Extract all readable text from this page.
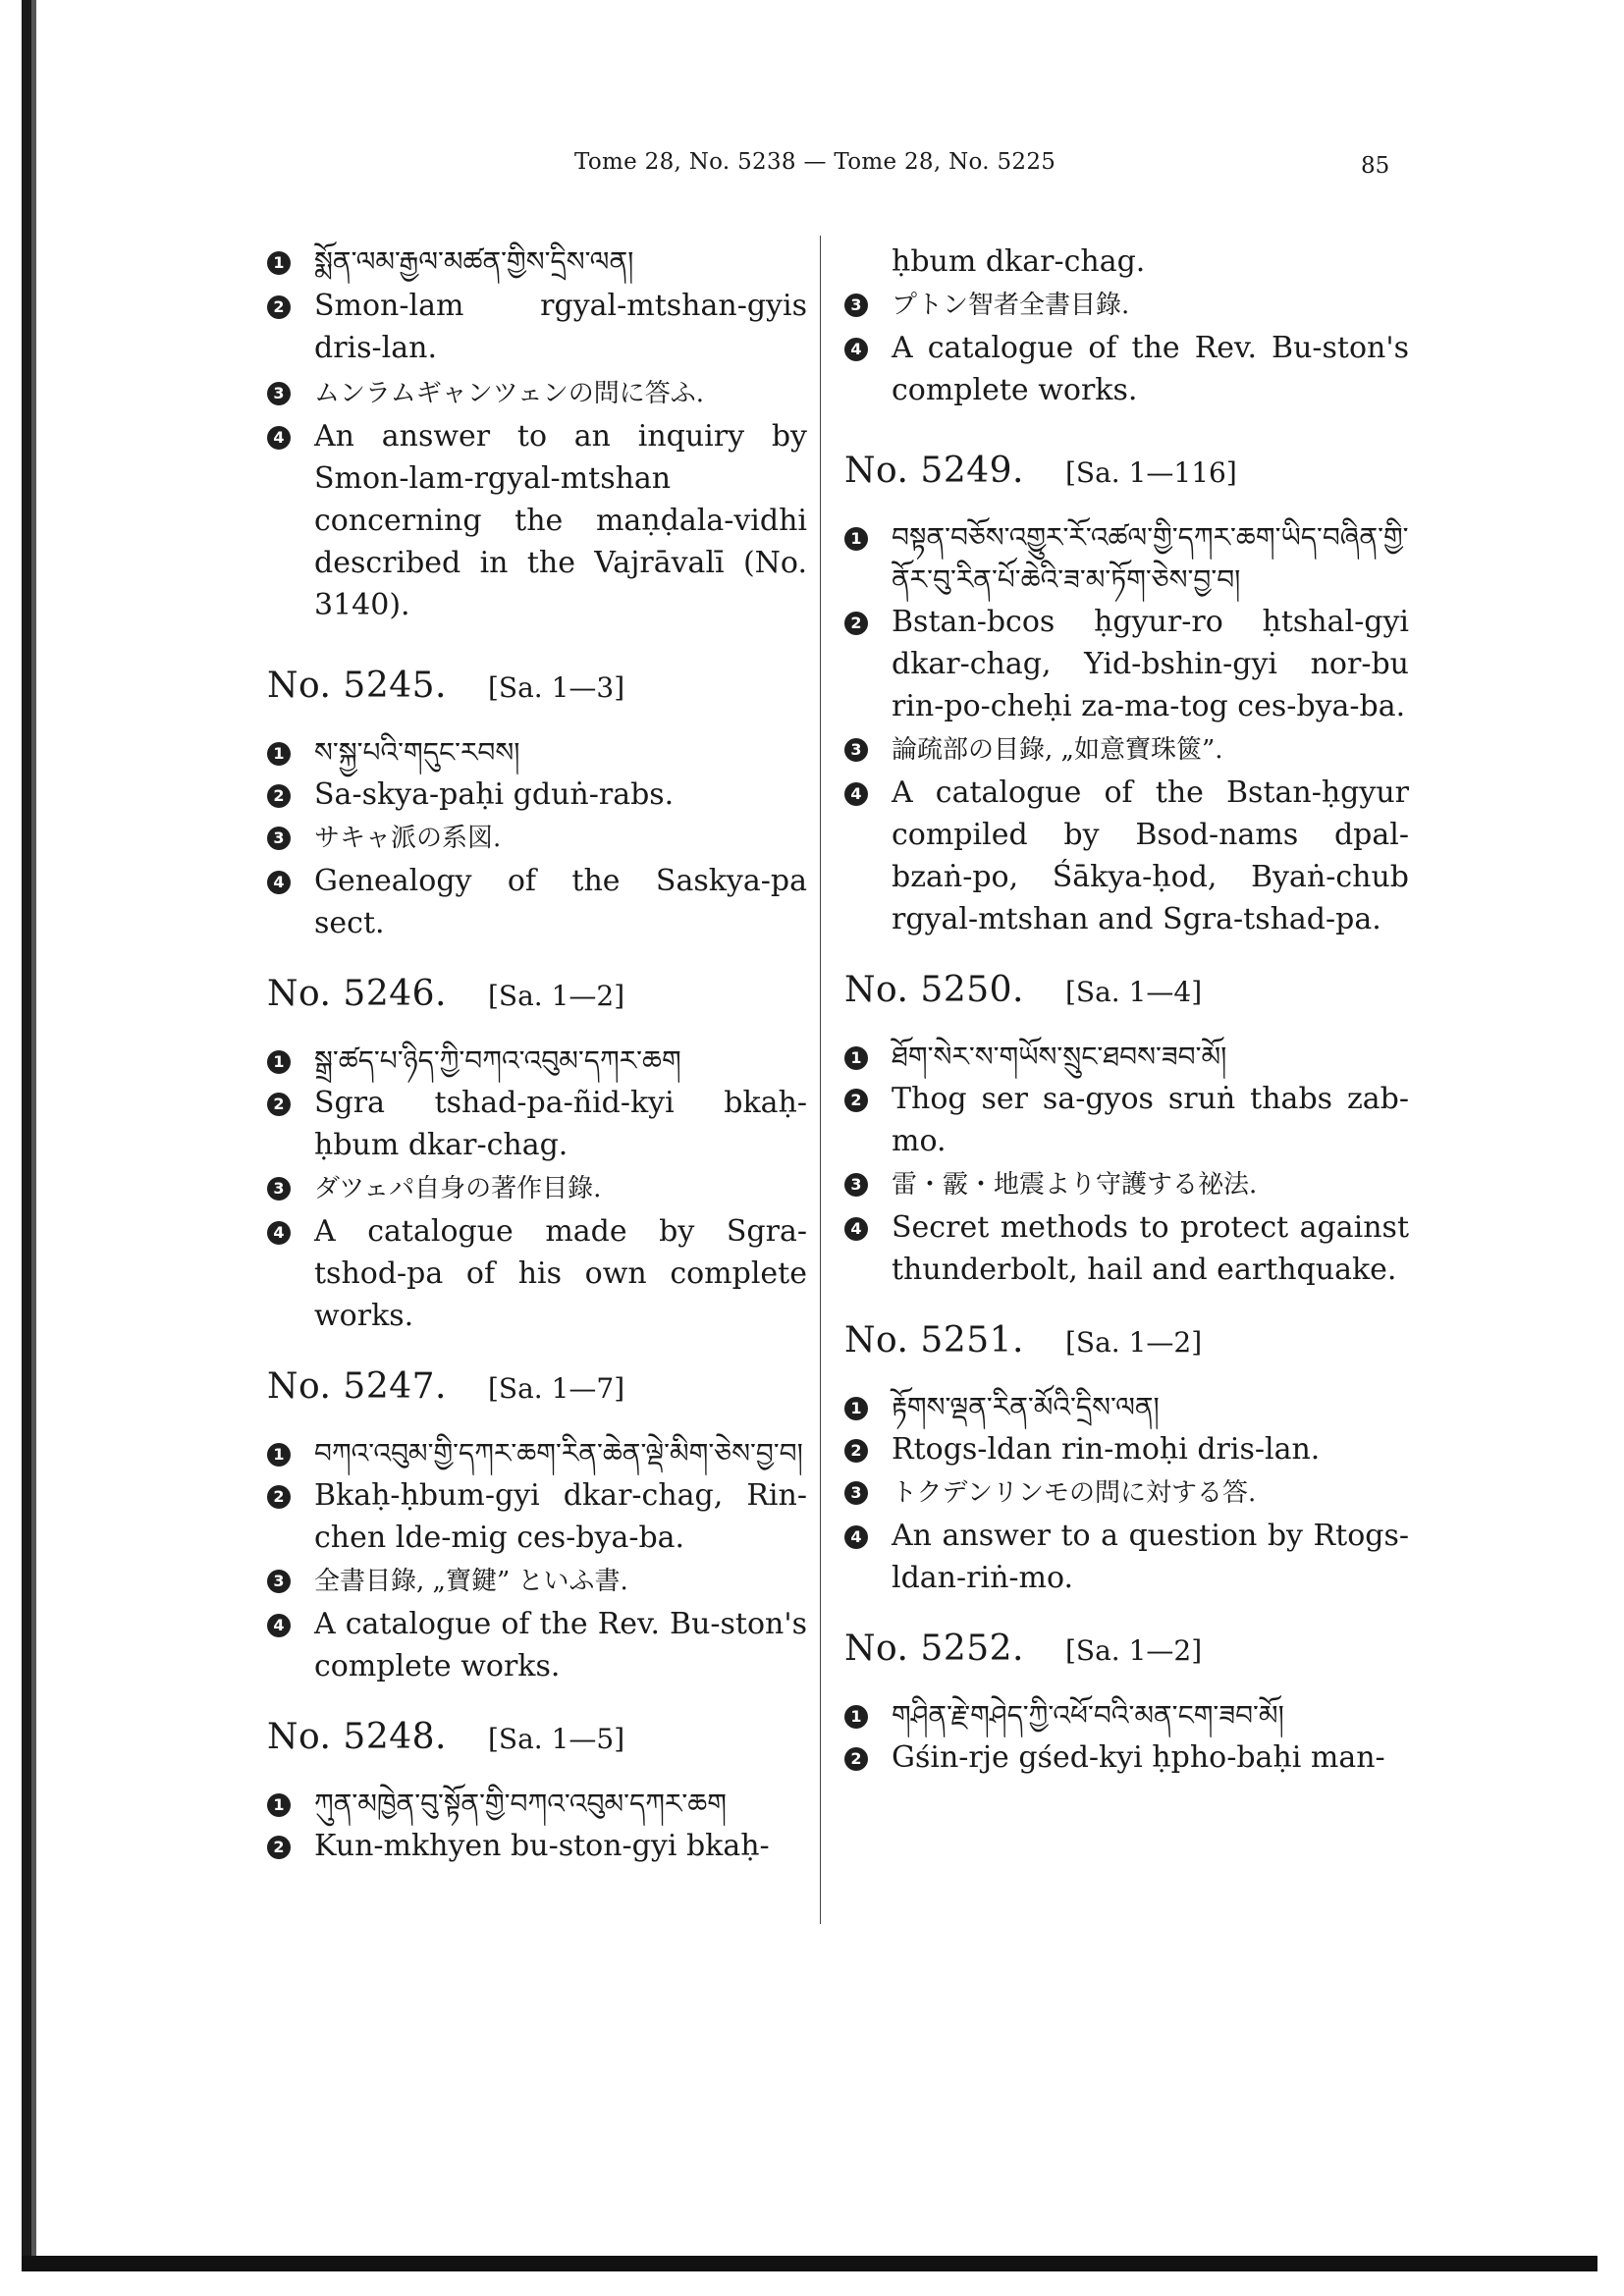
Tome 28, No. 5238 — Tome 28, No. 5225	85
1 སྨོན་ལམ་རྒྱལ་མཚན་གྱིས་དྲིས་ལན།
2 Smon-lam rgyal-mtshan-gyis dris-lan.
3 ムンラムギャンツェンの問に答ふ.
4 An answer to an inquiry by Smon-lam-rgyal-mtshan concerning the maṇḍala-vidhi described in the Vajrāvalī (No. 3140).
No. 5245. [Sa. 1—3]
1 ས་སྐྱ་པའི་གདུང་རབས།
2 Sa-skya-paḥi gduṅ-rabs.
3 サキャ派の系図.
4 Genealogy of the Saskya-pa sect.
No. 5246. [Sa. 1—2]
1 སྒྲ་ཚད་པ་ཉིད་ཀྱི་བཀའ་འབུམ་དཀར་ཆག
2 Sgra tshad-pa-ñid-kyi bkaḥ-ḥbum dkar-chag.
3 ダツェパ自身の著作目錄.
4 A catalogue made by Sgra-tshod-pa of his own complete works.
No. 5247. [Sa. 1—7]
1 བཀའ་འབུམ་གྱི་དཀར་ཆག་རིན་ཆེན་ལྡེ་མིག་ཅེས་བྱ་བ།
2 Bkaḥ-ḥbum-gyi dkar-chag, Rin-chen lde-mig ces-bya-ba.
3 全書目錄, „寶鍵” といふ書.
4 A catalogue of the Rev. Bu-ston's complete works.
No. 5248. [Sa. 1—5]
1 ཀུན་མཁྱེན་བུ་སྟོན་གྱི་བཀའ་འབུམ་དཀར་ཆག
2 Kun-mkhyen bu-ston-gyi bkaḥ-
ḥbum dkar-chag.
3 プトン智者全書目錄.
4 A catalogue of the Rev. Bu-ston's complete works.
No. 5249. [Sa. 1—116]
1 བསྟན་བཅོས་འགྱུར་རོ་འཚལ་གྱི་དཀར་ཆག་ཡིད་བཞིན་གྱི་ནོར་བུ་རིན་པོ་ཆེའི་ཟ་མ་ཏོག་ཅེས་བྱ་བ།
2 Bstan-bcos ḥgyur-ro ḥtshal-gyi dkar-chag, Yid-bshin-gyi nor-bu rin-po-cheḥi za-ma-tog ces-bya-ba.
3 論疏部の目錄, „如意寶珠篋”.
4 A catalogue of the Bstan-ḥgyur compiled by Bsod-nams dpal-bzaṅ-po, Śākya-ḥod, Byaṅ-chub rgyal-mtshan and Sgra-tshad-pa.
No. 5250. [Sa. 1—4]
1 ཐོག་སེར་ས་གཡོས་སྲུང་ཐབས་ཟབ་མོ།
2 Thog ser sa-gyos sruṅ thabs zab-mo.
3 雷・霰・地震より守護する祕法.
4 Secret methods to protect against thunderbolt, hail and earthquake.
No. 5251. [Sa. 1—2]
1 རྟོགས་ལྡན་རིན་མོའི་དྲིས་ལན།
2 Rtogs-ldan rin-moḥi dris-lan.
3 トクデンリンモの問に対する答.
4 An answer to a question by Rtogs-ldan-riṅ-mo.
No. 5252. [Sa. 1—2]
1 གཤིན་རྗེ་གཤེད་ཀྱི་འཕོ་བའི་མན་ངག་ཟབ་མོ།
2 Gśin-rje gśed-kyi ḥpho-baḥi man-
